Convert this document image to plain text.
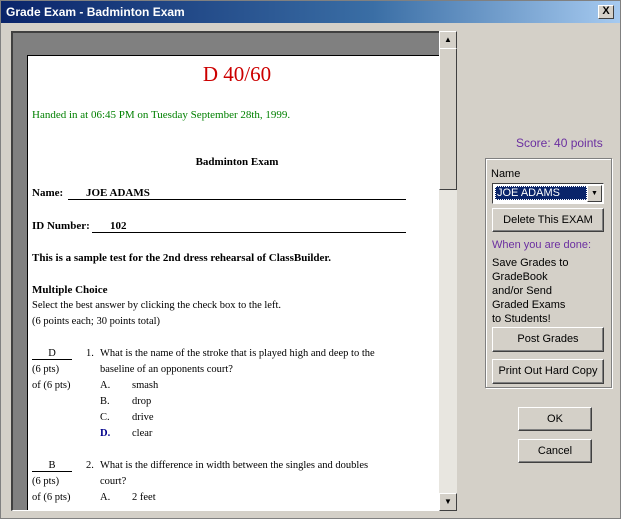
Grade Exam - Badminton Exam	X
D 40/60
Handed in at 06:45 PM on Tuesday September 28th, 1999.
Badminton Exam
Name:	JOE ADAMS
ID Number:	102
This is a sample test for the 2nd dress rehearsal of ClassBuilder.
Multiple Choice
Select the best answer by clicking the check box to the left.
(6 points each; 30 points total)
D
(6 pts)
of (6 pts)
1. What is the name of the stroke that is played high and deep to the
baseline of an opponents court?
A. smash
B. drop
C. drive
D. clear
B
(6 pts)
of (6 pts)
2. What is the difference in width between the singles and doubles
court?
A. 2 feet
▲
▼
Score: 40 points
Name
JOE ADAMS	▼
Delete This EXAM
When you are done:
Save Grades to
GradeBook
and/or Send
Graded Exams
to Students!
Post Grades
Print Out Hard Copy
OK
Cancel
